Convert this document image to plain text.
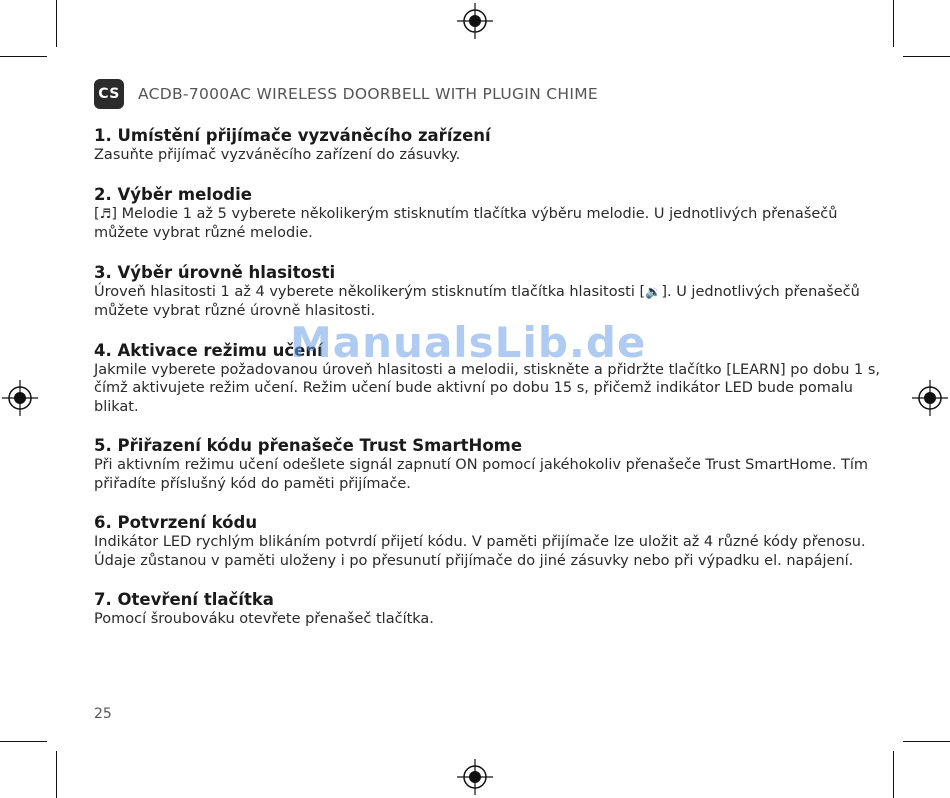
CS ACDB-7000AC WIRELESS DOORBELL WITH PLUGIN CHIME
1. Umístění přijímače vyzváněcího zařízení

Zasuňte přijímač vyzváněcího zařízení do zásuvky.

2. Výběr melodie

[♬] Melodie 1 až 5 vyberete několikerým stisknutím tlačítka výběru melodie. U jednotlivých přenašečů můžete vybrat různé melodie.

3. Výběr úrovně hlasitosti

Úroveň hlasitosti 1 až 4 vyberete několikerým stisknutím tlačítka hlasitosti [🔉]. U jednotlivých přenašečů můžete vybrat různé úrovně hlasitosti.

4. Aktivace režimu učení

Jakmile vyberete požadovanou úroveň hlasitosti a melodii, stiskněte a přidržte tlačítko [LEARN] po dobu 1 s, čímž aktivujete režim učení. Režim učení bude aktivní po dobu 15 s, přičemž indikátor LED bude pomalu blikat.

5. Přiřazení kódu přenašeče Trust SmartHome

Při aktivním režimu učení odešlete signál zapnutí ON pomocí jakéhokoliv přenašeče Trust SmartHome. Tím přiřadíte příslušný kód do paměti přijímače.

6. Potvrzení kódu

Indikátor LED rychlým blikáním potvrdí přijetí kódu. V paměti přijímače lze uložit až 4 různé kódy přenosu. Údaje zůstanou v paměti uloženy i po přesunutí přijímače do jiné zásuvky nebo při výpadku el. napájení.

7. Otevření tlačítka

Pomocí šroubováku otevřete přenašeč tlačítka.

ManualsLib.de
25
